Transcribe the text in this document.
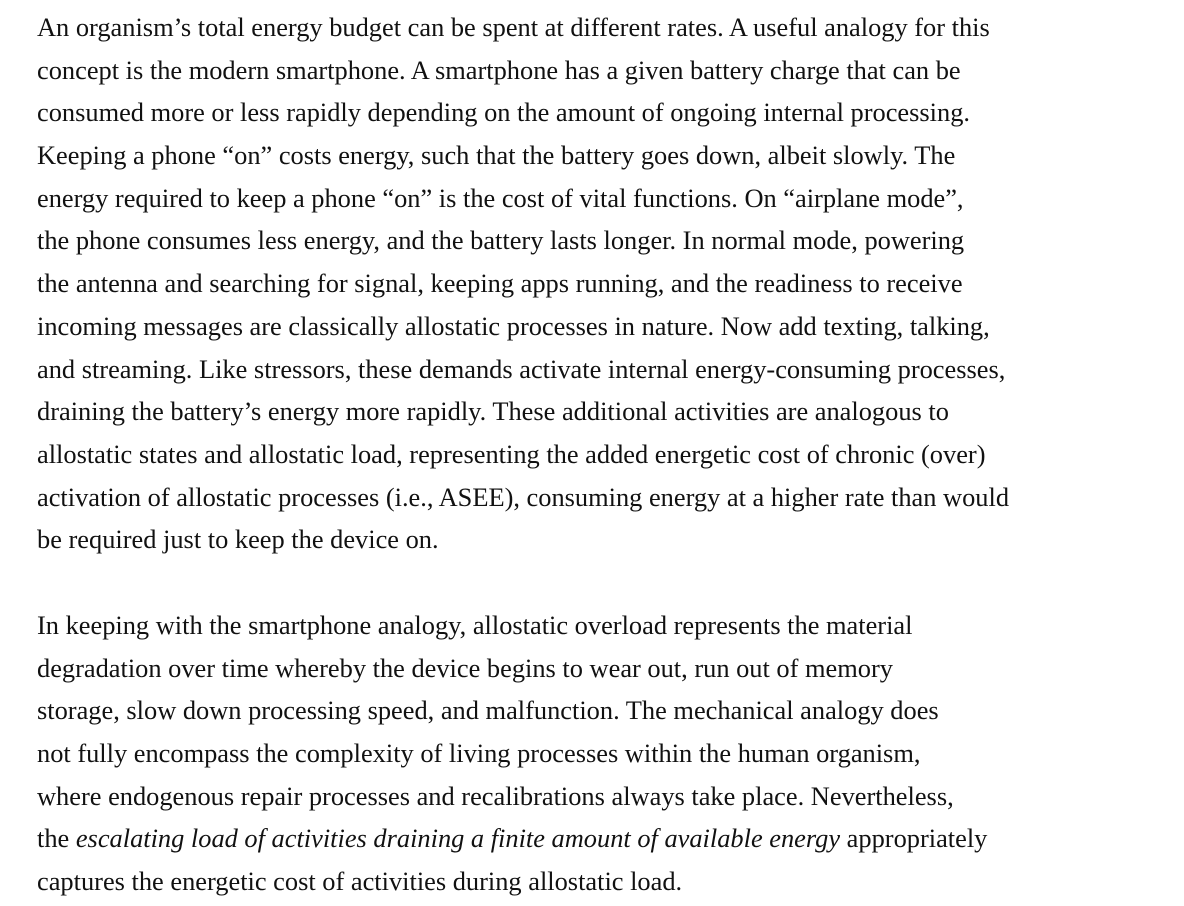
An organism’s total energy budget can be spent at different rates. A useful analogy for this
concept is the modern smartphone. A smartphone has a given battery charge that can be
consumed more or less rapidly depending on the amount of ongoing internal processing.
Keeping a phone “on” costs energy, such that the battery goes down, albeit slowly. The
energy required to keep a phone “on” is the cost of vital functions. On “airplane mode”,
the phone consumes less energy, and the battery lasts longer. In normal mode, powering
the antenna and searching for signal, keeping apps running, and the readiness to receive
incoming messages are classically allostatic processes in nature. Now add texting, talking,
and streaming. Like stressors, these demands activate internal energy-consuming processes,
draining the battery’s energy more rapidly. These additional activities are analogous to
allostatic states and allostatic load, representing the added energetic cost of chronic (over)
activation of allostatic processes (i.e., ASEE), consuming energy at a higher rate than would
be required just to keep the device on.

In keeping with the smartphone analogy, allostatic overload represents the material
degradation over time whereby the device begins to wear out, run out of memory
storage, slow down processing speed, and malfunction. The mechanical analogy does
not fully encompass the complexity of living processes within the human organism,
where endogenous repair processes and recalibrations always take place. Nevertheless,
the escalating load of activities draining a finite amount of available energy appropriately
captures the energetic cost of activities during allostatic load.
